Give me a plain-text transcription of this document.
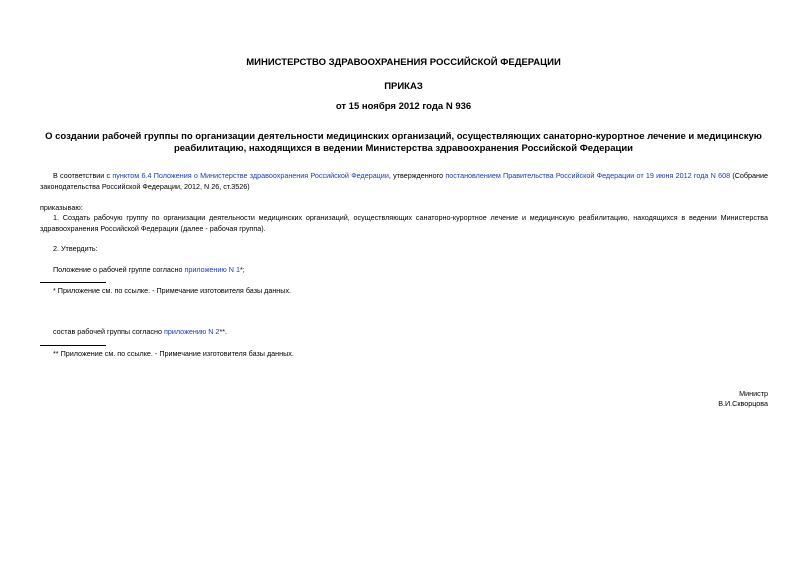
МИНИСТЕРСТВО ЗДРАВООХРАНЕНИЯ РОССИЙСКОЙ ФЕДЕРАЦИИ
ПРИКАЗ
от 15 ноября 2012 года N 936
О создании рабочей группы по организации деятельности медицинских организаций, осуществляющих санаторно-курортное лечение и медицинскую реабилитацию, находящихся в ведении Министерства здравоохранения Российской Федерации
В соответствии с пунктом 6.4 Положения о Министерстве здравоохранения Российской Федерации, утвержденного постановлением Правительства Российской Федерации от 19 июня 2012 года N 608 (Собрание законодательства Российской Федерации, 2012, N 26, ст.3526)
приказываю:
1. Создать рабочую группу по организации деятельности медицинских организаций, осуществляющих санаторно-курортное лечение и медицинскую реабилитацию, находящихся в ведении Министерства здравоохранения Российской Федерации (далее - рабочая группа).
2. Утвердить:
Положение о рабочей группе согласно приложению N 1*;
* Приложение см. по ссылке. - Примечание изготовителя базы данных.
состав рабочей группы согласно приложению N 2**.
** Приложение см. по ссылке. - Примечание изготовителя базы данных.
Министр
В.И.Скворцова
